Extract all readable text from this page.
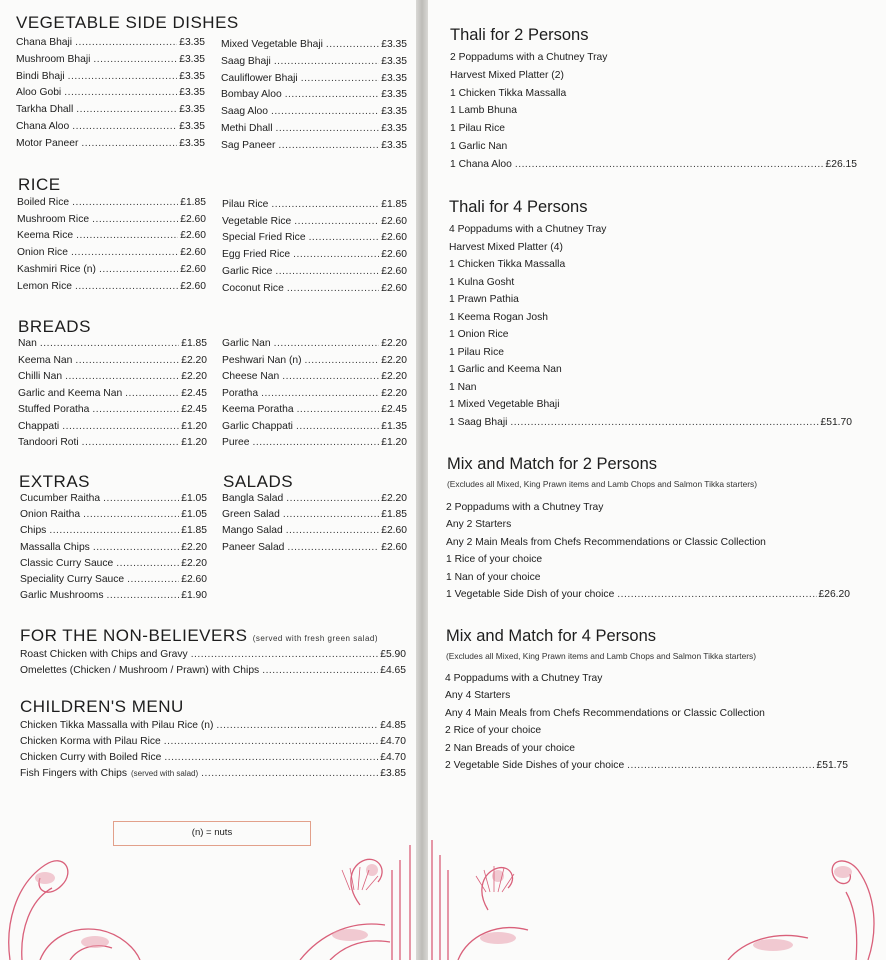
VEGETABLE SIDE DISHES
Chana Bhaji .....	£3.35
Mushroom Bhaji .....	£3.35
Bindi Bhaji .....	£3.35
Aloo Gobi .....	£3.35
Tarkha Dhall .....	£3.35
Chana Aloo .....	£3.35
Motor Paneer .....	£3.35
Mixed Vegetable Bhaji .....	£3.35
Saag Bhaji .....	£3.35
Cauliflower Bhaji .....	£3.35
Bombay Aloo .....	£3.35
Saag Aloo .....	£3.35
Methi Dhall .....	£3.35
Sag Paneer .....	£3.35
RICE
Boiled Rice .....	£1.85
Mushroom Rice .....	£2.60
Keema Rice .....	£2.60
Onion Rice .....	£2.60
Kashmiri Rice (n) .....	£2.60
Lemon Rice .....	£2.60
Pilau Rice .....	£1.85
Vegetable Rice .....	£2.60
Special Fried Rice .....	£2.60
Egg Fried Rice .....	£2.60
Garlic Rice .....	£2.60
Coconut Rice .....	£2.60
BREADS
Nan .....	£1.85
Keema Nan .....	£2.20
Chilli Nan .....	£2.20
Garlic and Keema Nan .....	£2.45
Stuffed Poratha .....	£2.45
Chappati .....	£1.20
Tandoori Roti .....	£1.20
Garlic Nan .....	£2.20
Peshwari Nan (n) .....	£2.20
Cheese Nan .....	£2.20
Poratha .....	£2.20
Keema Poratha .....	£2.45
Garlic Chappati .....	£1.35
Puree .....	£1.20
EXTRAS
Cucumber Raitha .....	£1.05
Onion Raitha .....	£1.05
Chips .....	£1.85
Massalla Chips .....	£2.20
Classic Curry Sauce .....	£2.20
Speciality Curry Sauce .....	£2.60
Garlic Mushrooms .....	£1.90
SALADS
Bangla Salad .....	£2.20
Green Salad .....	£1.85
Mango Salad .....	£2.60
Paneer Salad .....	£2.60
FOR THE NON-BELIEVERS (served with fresh green salad)
Roast Chicken with Chips and Gravy .....	£5.90
Omelettes (Chicken / Mushroom / Prawn) with Chips .....	£4.65
CHILDREN'S MENU
Chicken Tikka Massalla with Pilau Rice (n) .....	£4.85
Chicken Korma with Pilau Rice .....	£4.70
Chicken Curry with Boiled Rice .....	£4.70
Fish Fingers with Chips (served with salad) .....	£3.85
(n) = nuts
Thali for 2 Persons
2 Poppadums with a Chutney Tray
Harvest Mixed Platter (2)
1 Chicken Tikka Massalla
1 Lamb Bhuna
1 Pilau Rice
1 Garlic Nan
1 Chana Aloo .....	£26.15
Thali for 4 Persons
4 Poppadums with a Chutney Tray
Harvest Mixed Platter (4)
1 Chicken Tikka Massalla
1 Kulna Gosht
1 Prawn Pathia
1 Keema Rogan Josh
1 Onion Rice
1 Pilau Rice
1 Garlic and Keema Nan
1 Nan
1 Mixed Vegetable Bhaji
1 Saag Bhaji .....	£51.70
Mix and Match for 2 Persons
(Excludes all Mixed, King Prawn items and Lamb Chops and Salmon Tikka starters)
2 Poppadums with a Chutney Tray
Any 2 Starters
Any 2 Main Meals from Chefs Recommendations or Classic Collection
1 Rice of your choice
1 Nan of your choice
1 Vegetable Side Dish of your choice .....	£26.20
Mix and Match for 4 Persons
(Excludes all Mixed, King Prawn items and Lamb Chops and Salmon Tikka starters)
4 Poppadums with a Chutney Tray
Any 4 Starters
Any 4 Main Meals from Chefs Recommendations or Classic Collection
2 Rice of your choice
2 Nan Breads of your choice
2 Vegetable Side Dishes of your choice .....	£51.75
